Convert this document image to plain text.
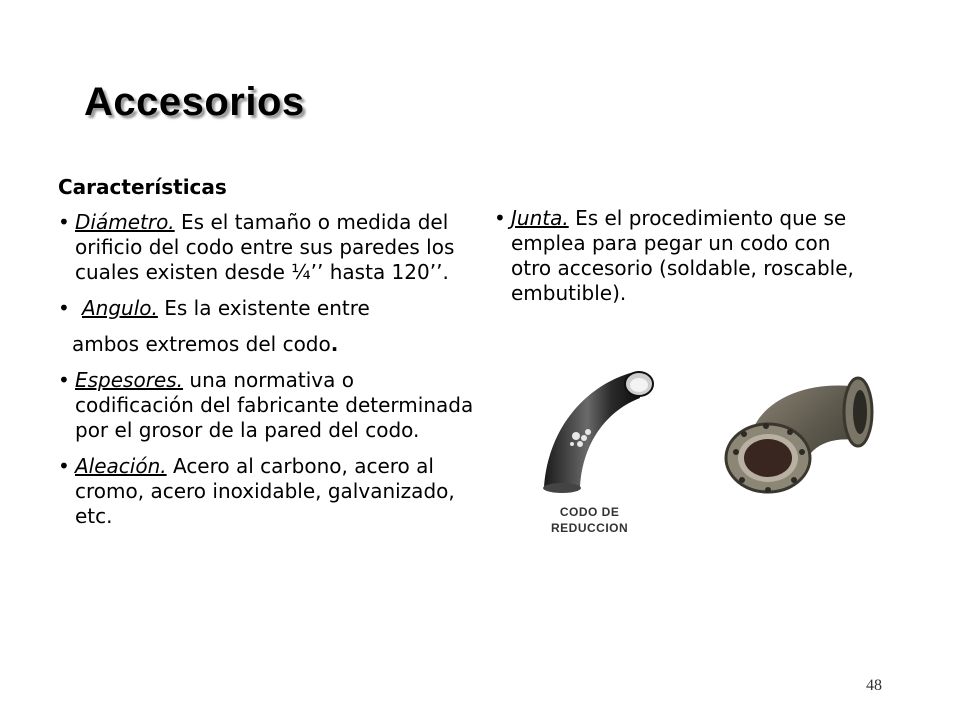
Accesorios
Características
• Diámetro. Es el tamaño o medida del orificio del codo entre sus paredes los cuales existen desde ¼’’ hasta 120’’.
• Angulo. Es la existente entre
ambos extremos del codo.
• Espesores. una normativa o codificación del fabricante determinada por el grosor de la pared del codo.
• Aleación. Acero al carbono, acero al cromo, acero inoxidable, galvanizado, etc.
• Junta. Es el procedimiento que se emplea para pegar un codo con otro accesorio (soldable, roscable, embutible).
CODO DE
REDUCCION
48
